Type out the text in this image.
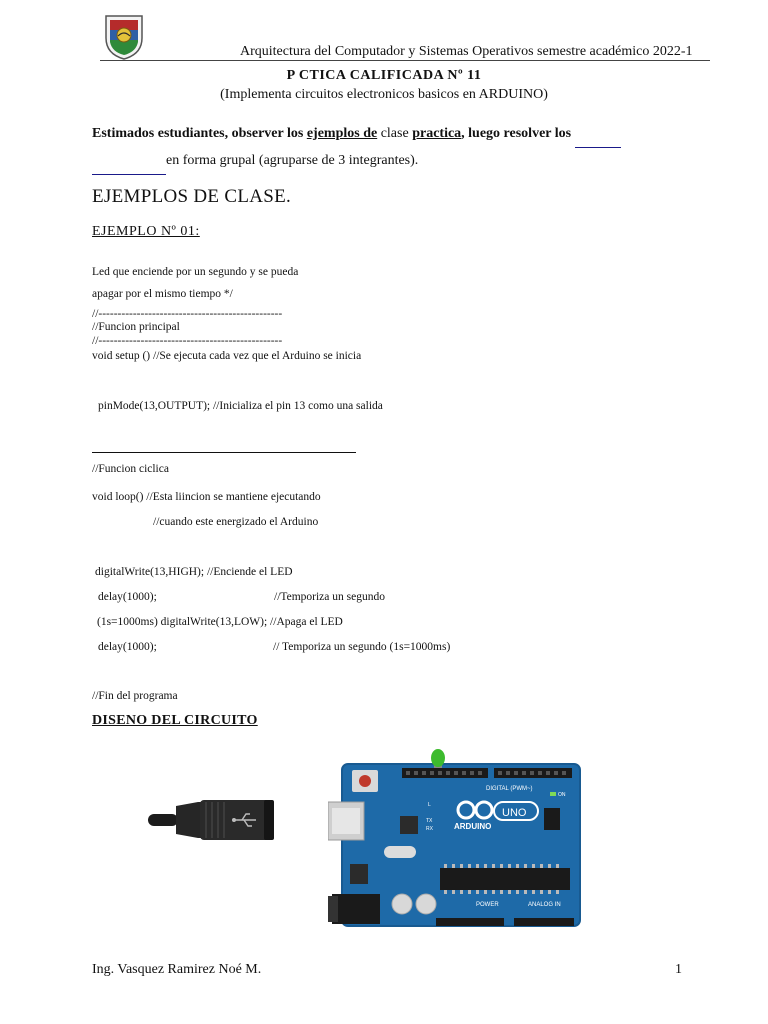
Arquitectura del Computador y Sistemas Operativos semestre académico 2022-1
P CTICA CALIFICADA Nº 11
(Implementa circuitos electronicos basicos en ARDUINO)
Estimados estudiantes, observer los ejemplos de clase practica, luego resolver los
en forma grupal (agruparse de 3 integrantes).
EJEMPLOS DE CLASE.
EJEMPLO Nº 01:
Led que enciende por un segundo y se pueda
apagar por el mismo tiempo */
//------------------------------------------------
//Funcion principal
//------------------------------------------------
void setup () //Se ejecuta cada vez que el Arduino se inicia
pinMode(13,OUTPUT); //Inicializa el pin 13 como una salida
//Funcion ciclica
void loop() //Esta liincion se mantiene ejecutando
//cuando este energizado el Arduino
digitalWrite(13,HIGH); //Enciende el LED
delay(1000);	//Temporiza un segundo
(1s=1000ms) digitalWrite(13,LOW); //Apaga el LED
delay(1000);	// Temporiza un segundo (1s=1000ms)
//Fin del programa
DISENO DEL CIRCUITO
ARDUINO
UNO
DIGITAL (PWM~)
POWER	ANALOG IN
ON
TX
RX
L
Ing. Vasquez Ramirez Noé M.	1
